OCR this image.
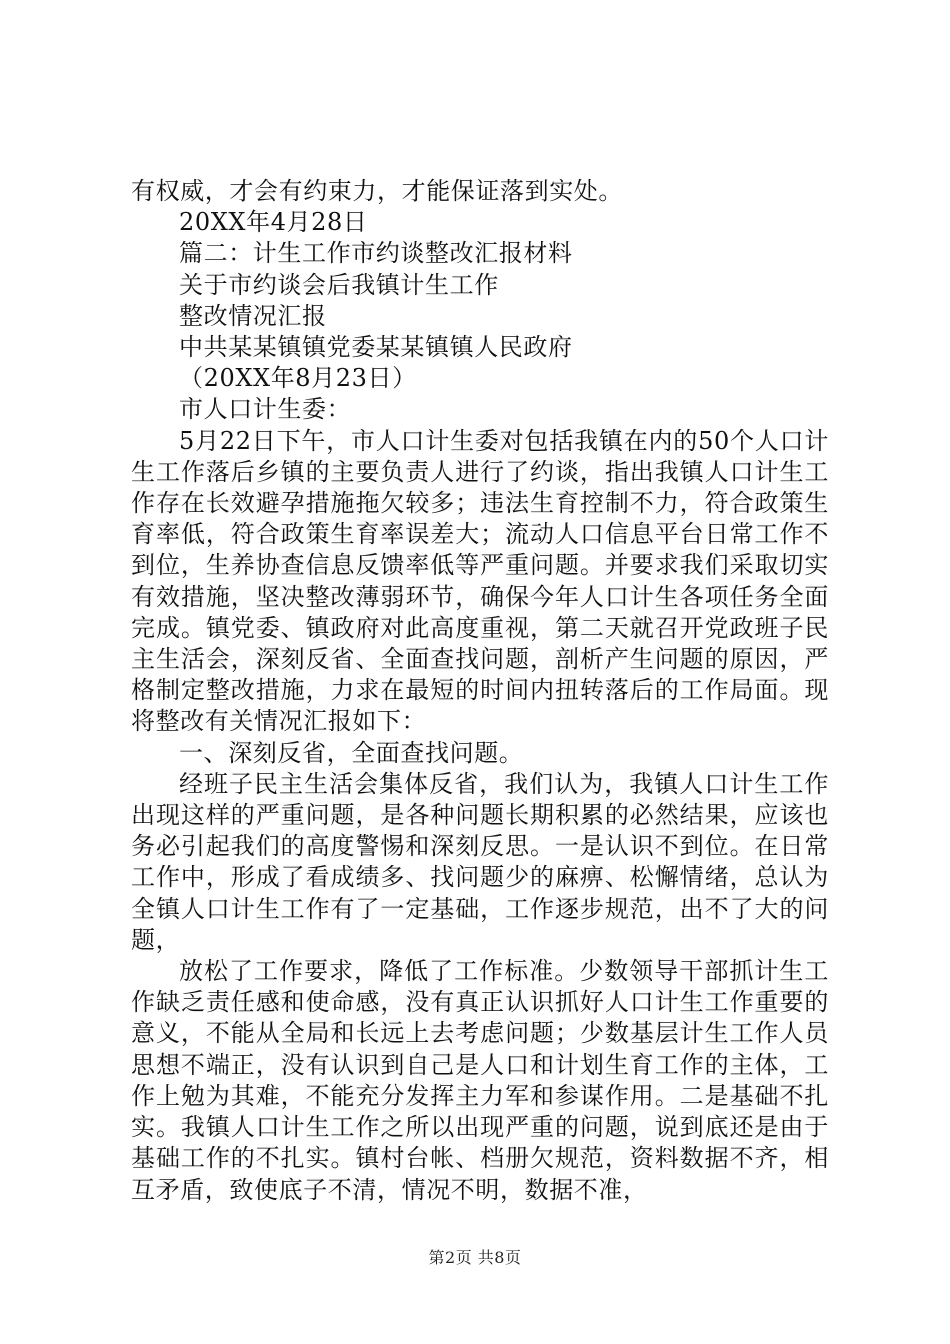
有权威，才会有约束力，才能保证落到实处。

20XX年4月28日

篇二：计生工作市约谈整改汇报材料

关于市约谈会后我镇计生工作

整改情况汇报

中共某某镇镇党委某某镇镇人民政府

（20XX年8月23日）

市人口计生委：

5月22日下午，市人口计生委对包括我镇在内的50个人口计生工作落后乡镇的主要负责人进行了约谈，指出我镇人口计生工作存在长效避孕措施拖欠较多；违法生育控制不力，符合政策生育率低，符合政策生育率误差大；流动人口信息平台日常工作不到位，生养协查信息反馈率低等严重问题。并要求我们采取切实有效措施，坚决整改薄弱环节，确保今年人口计生各项任务全面完成。镇党委、镇政府对此高度重视，第二天就召开党政班子民主生活会，深刻反省、全面查找问题，剖析产生问题的原因，严格制定整改措施，力求在最短的时间内扭转落后的工作局面。现将整改有关情况汇报如下：

一、深刻反省，全面查找问题。

经班子民主生活会集体反省，我们认为，我镇人口计生工作出现这样的严重问题，是各种问题长期积累的必然结果，应该也务必引起我们的高度警惕和深刻反思。一是认识不到位。在日常工作中，形成了看成绩多、找问题少的麻痹、松懈情绪，总认为全镇人口计生工作有了一定基础，工作逐步规范，出不了大的问题，

放松了工作要求，降低了工作标准。少数领导干部抓计生工作缺乏责任感和使命感，没有真正认识抓好人口计生工作重要的意义，不能从全局和长远上去考虑问题；少数基层计生工作人员思想不端正，没有认识到自己是人口和计划生育工作的主体，工作上勉为其难，不能充分发挥主力军和参谋作用。二是基础不扎实。我镇人口计生工作之所以出现严重的问题，说到底还是由于基础工作的不扎实。镇村台帐、档册欠规范，资料数据不齐，相互矛盾，致使底子不清，情况不明，数据不准，

第2页 共8页
